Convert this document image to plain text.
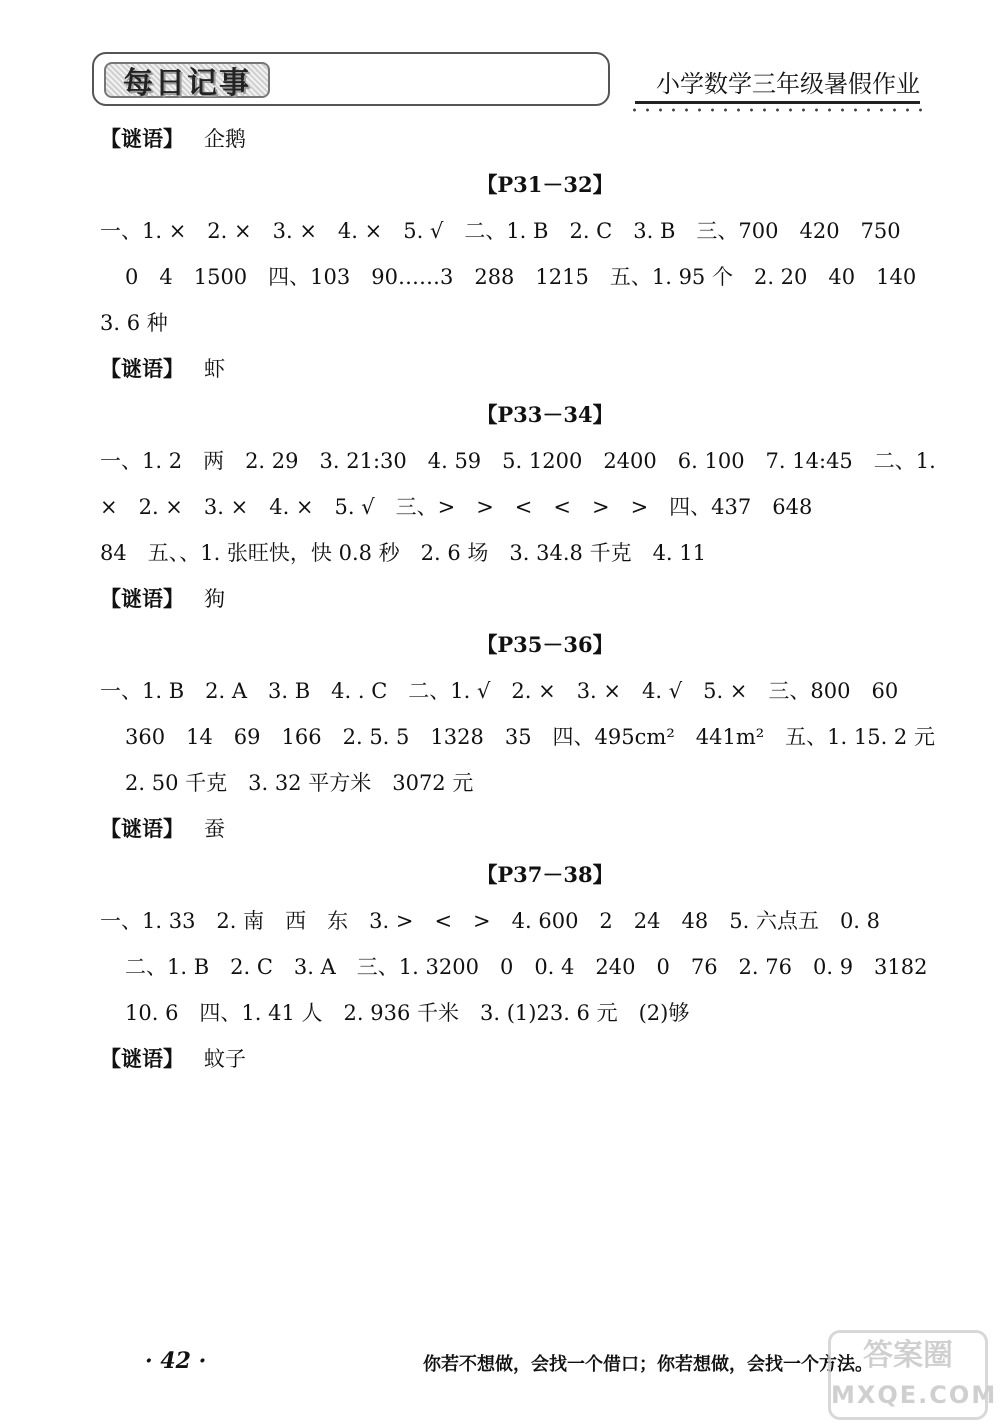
每日记事	小学数学三年级暑假作业
【谜语】 企鹅
【P31－32】
一、1. ×　2. ×　3. ×　4. ×　5. √　二、1. B　2. C　3. B　三、700　420　750
0　4　1500　四、103　90……3　288　1215　五、1. 95 个　2. 20　40　140
3. 6 种
【谜语】 虾
【P33－34】
一、1. 2　两　2. 29　3. 21:30　4. 59　5. 1200　2400　6. 100　7. 14:45　二、1.
×　2. ×　3. ×　4. ×　5. √　三、>　>　<　<　>　>　四、437　648
84　五、、1. 张旺快，快 0.8 秒　2. 6 场　3. 34.8 千克　4. 11
【谜语】 狗
【P35－36】
一、1. B　2. A　3. B　4. . C　二、1. √　2. ×　3. ×　4. √　5. ×　三、800　60
360　14　69　166　2. 5. 5　1328　35　四、495cm²　441m²　五、1. 15. 2 元
2. 50 千克　3. 32 平方米　3072 元
【谜语】 蚕
【P37－38】
一、1. 33　2. 南　西　东　3. >　<　>　4. 600　2　24　48　5. 六点五　0. 8
二、1. B　2. C　3. A　三、1. 3200　0　0. 4　240　0　76　2. 76　0. 9　3182
10. 6　四、1. 41 人　2. 936 千米　3. (1)23. 6 元　(2)够
【谜语】 蚊子
· 42 ·	你若不想做，会找一个借口；你若想做，会找一个方法。
答案圈
MXQE.COM
